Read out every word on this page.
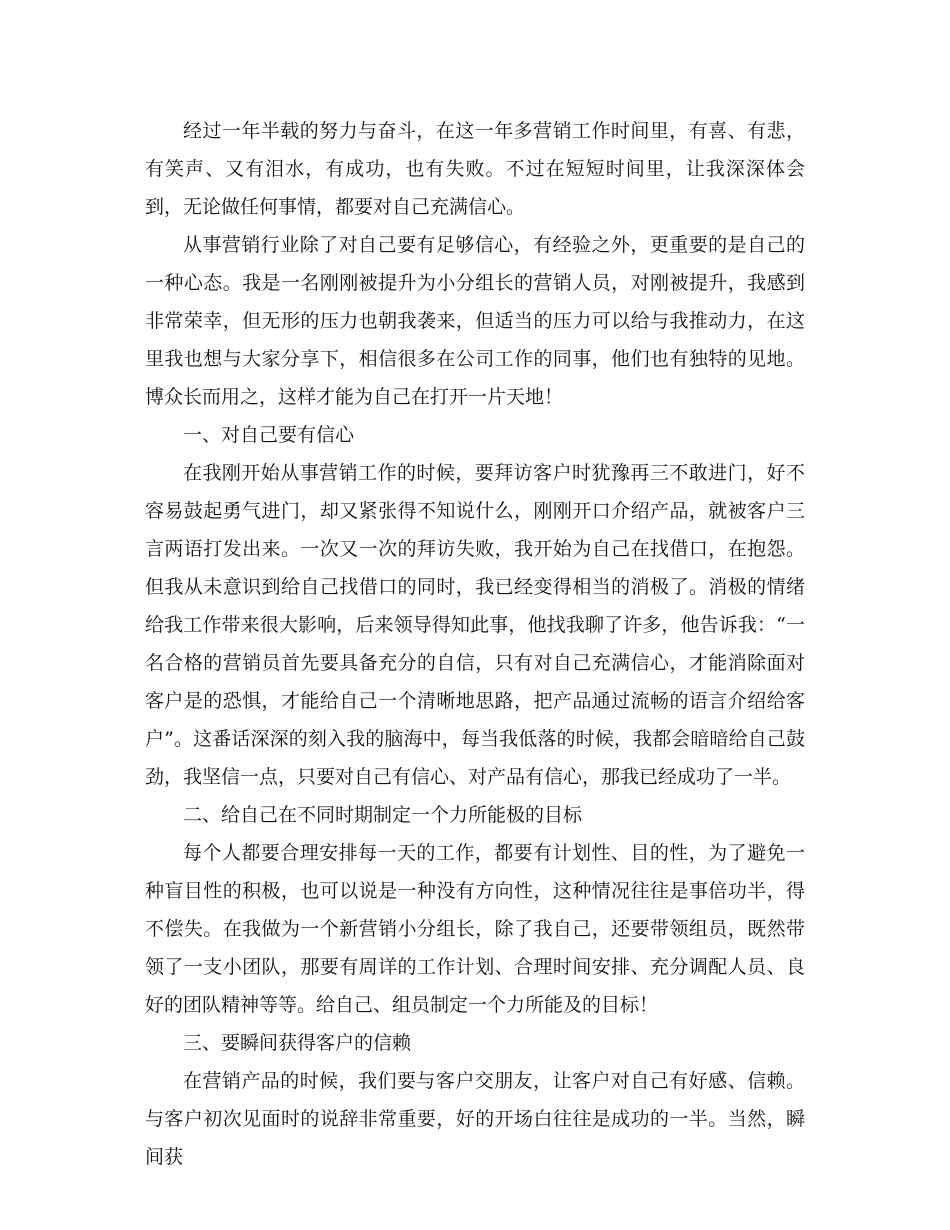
经过一年半载的努力与奋斗，在这一年多营销工作时间里，有喜、有悲，有笑声、又有泪水，有成功，也有失败。不过在短短时间里，让我深深体会到，无论做任何事情，都要对自己充满信心。

从事营销行业除了对自己要有足够信心，有经验之外，更重要的是自己的一种心态。我是一名刚刚被提升为小分组长的营销人员，对刚被提升，我感到非常荣幸，但无形的压力也朝我袭来，但适当的压力可以给与我推动力，在这里我也想与大家分享下，相信很多在公司工作的同事，他们也有独特的见地。博众长而用之，这样才能为自己在打开一片天地！

一、对自己要有信心

在我刚开始从事营销工作的时候，要拜访客户时犹豫再三不敢进门，好不容易鼓起勇气进门，却又紧张得不知说什么，刚刚开口介绍产品，就被客户三言两语打发出来。一次又一次的拜访失败，我开始为自己在找借口，在抱怨。但我从未意识到给自己找借口的同时，我已经变得相当的消极了。消极的情绪给我工作带来很大影响，后来领导得知此事，他找我聊了许多，他告诉我：“一名合格的营销员首先要具备充分的自信，只有对自己充满信心，才能消除面对客户是的恐惧，才能给自己一个清晰地思路，把产品通过流畅的语言介绍给客户”。这番话深深的刻入我的脑海中，每当我低落的时候，我都会暗暗给自己鼓劲，我坚信一点，只要对自己有信心、对产品有信心，那我已经成功了一半。

二、给自己在不同时期制定一个力所能极的目标

每个人都要合理安排每一天的工作，都要有计划性、目的性，为了避免一种盲目性的积极，也可以说是一种没有方向性，这种情况往往是事倍功半，得不偿失。在我做为一个新营销小分组长，除了我自己，还要带领组员，既然带领了一支小团队，那要有周详的工作计划、合理时间安排、充分调配人员、良好的团队精神等等。给自己、组员制定一个力所能及的目标！

三、要瞬间获得客户的信赖

在营销产品的时候，我们要与客户交朋友，让客户对自己有好感、信赖。与客户初次见面时的说辞非常重要，好的开场白往往是成功的一半。当然，瞬间获
